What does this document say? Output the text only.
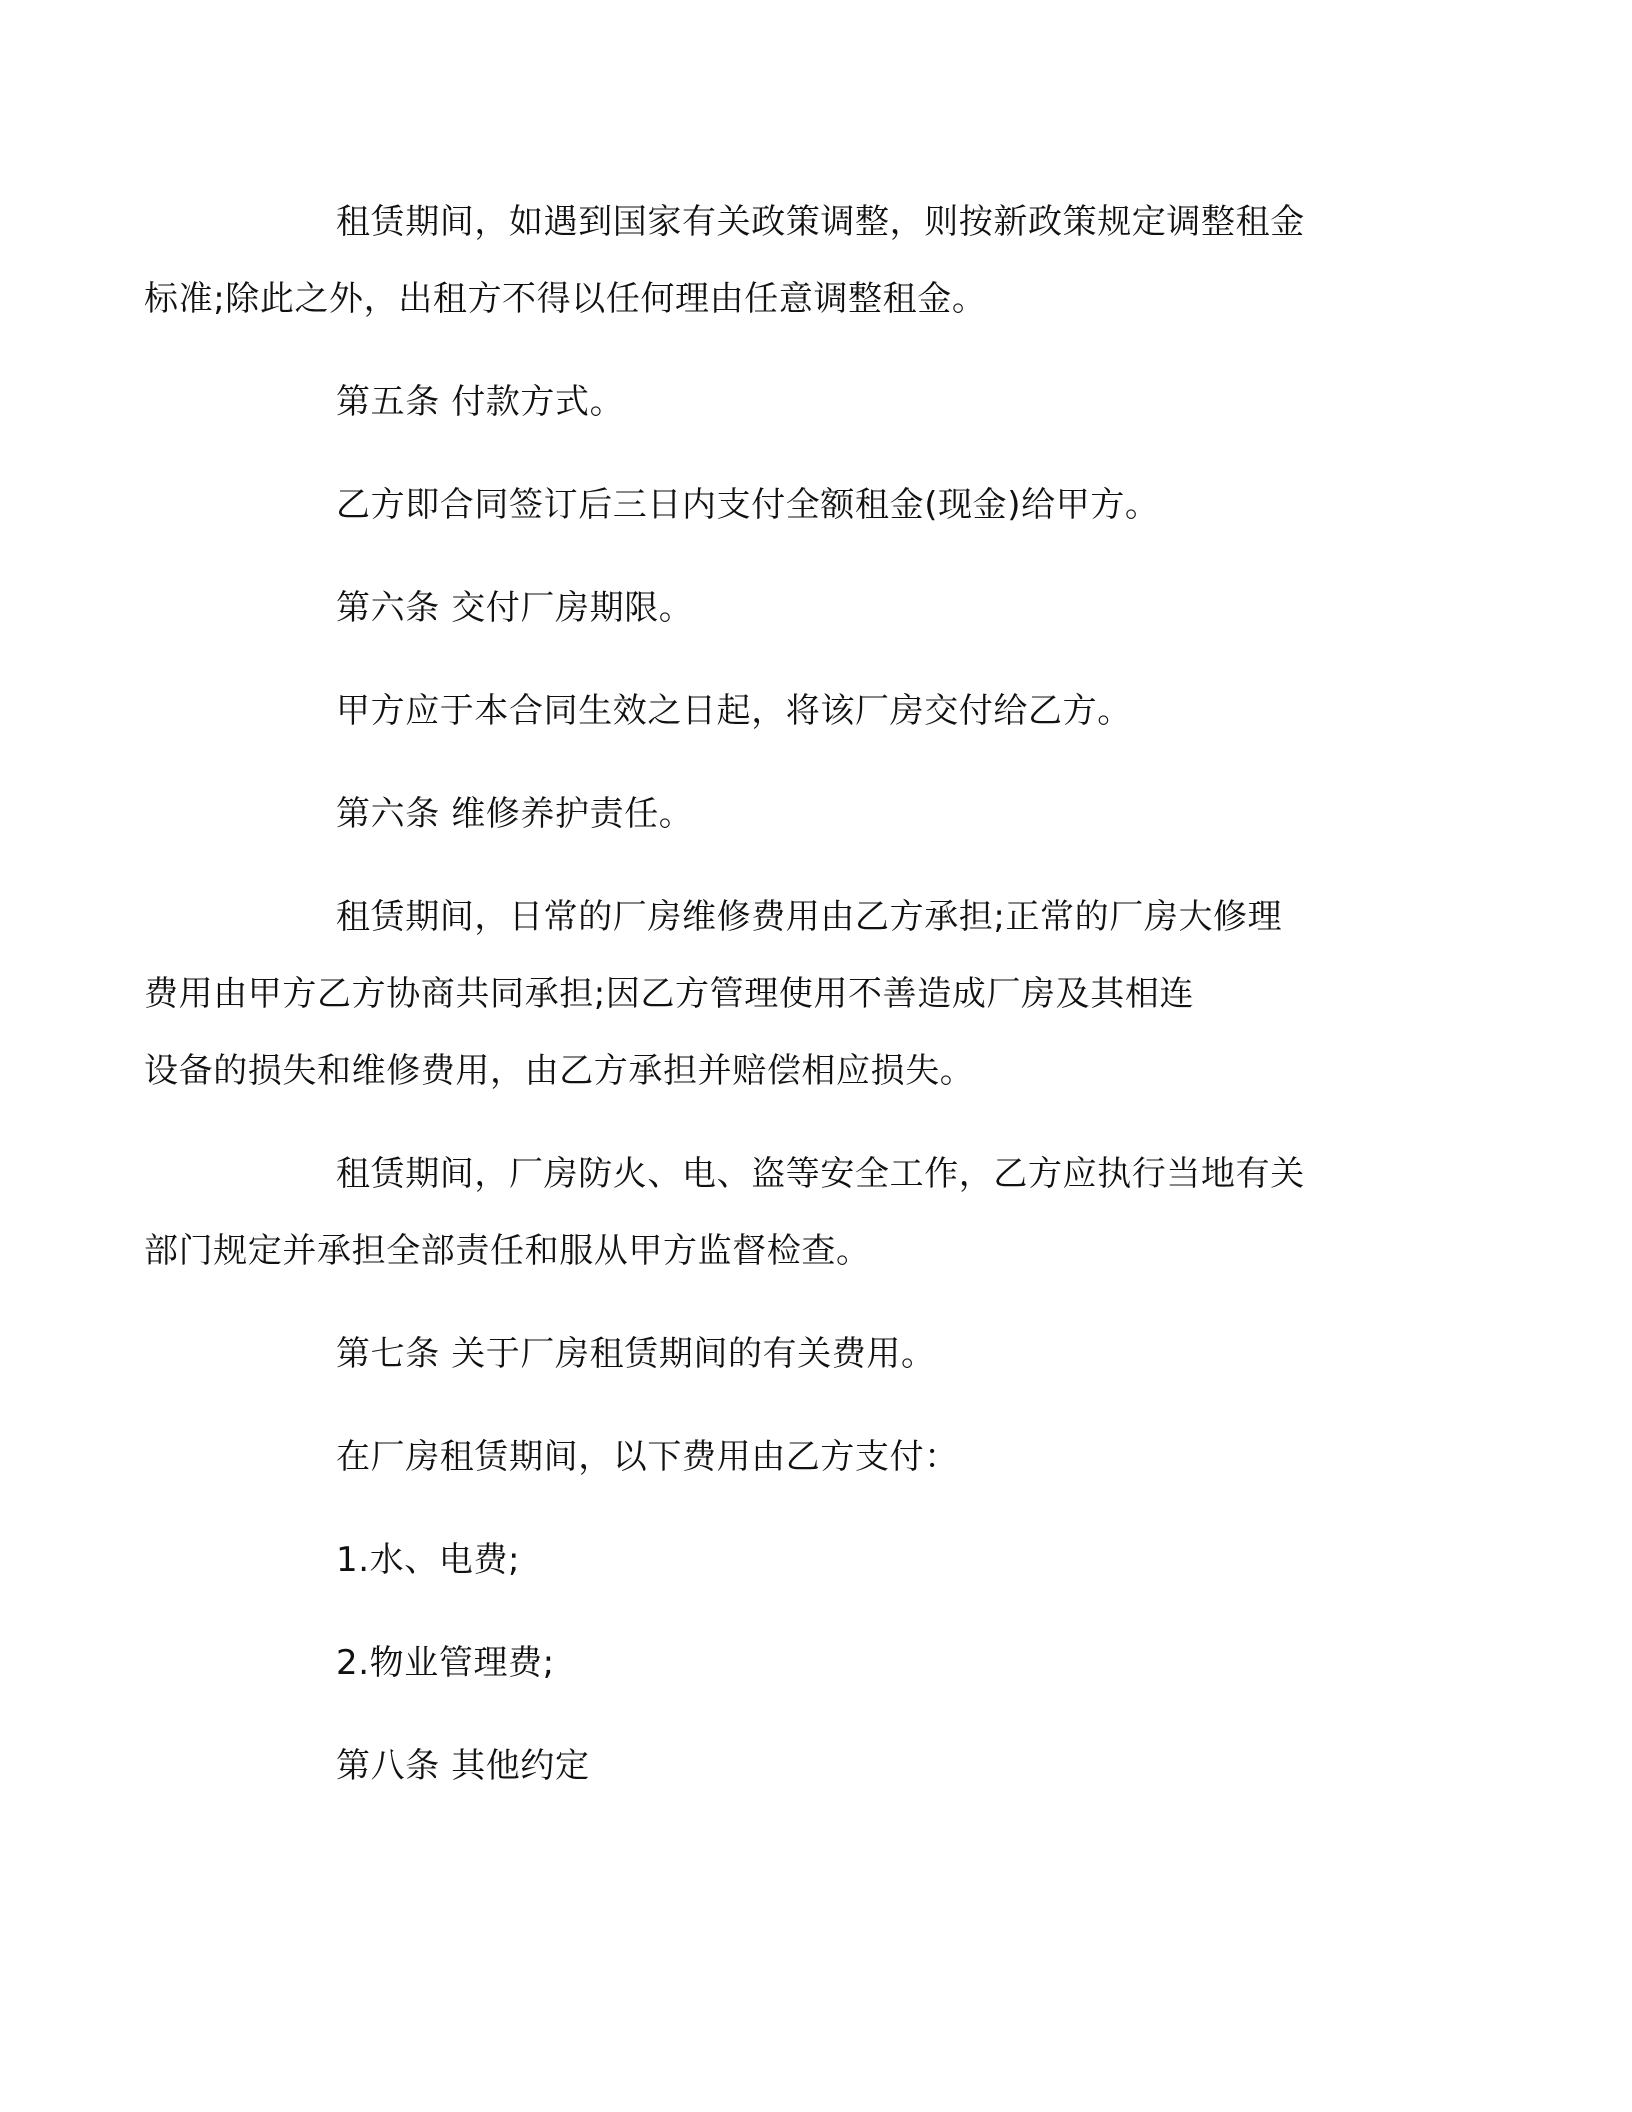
租赁期间，如遇到国家有关政策调整，则按新政策规定调整租金
标准;除此之外，出租方不得以任何理由任意调整租金。

第五条 付款方式。

乙方即合同签订后三日内支付全额租金(现金)给甲方。

第六条 交付厂房期限。

甲方应于本合同生效之日起，将该厂房交付给乙方。

第六条 维修养护责任。

租赁期间，日常的厂房维修费用由乙方承担;正常的厂房大修理
费用由甲方乙方协商共同承担;因乙方管理使用不善造成厂房及其相连
设备的损失和维修费用，由乙方承担并赔偿相应损失。

租赁期间，厂房防火、电、盗等安全工作，乙方应执行当地有关
部门规定并承担全部责任和服从甲方监督检查。

第七条 关于厂房租赁期间的有关费用。

在厂房租赁期间，以下费用由乙方支付：

1.水、电费;

2.物业管理费;

第八条 其他约定
